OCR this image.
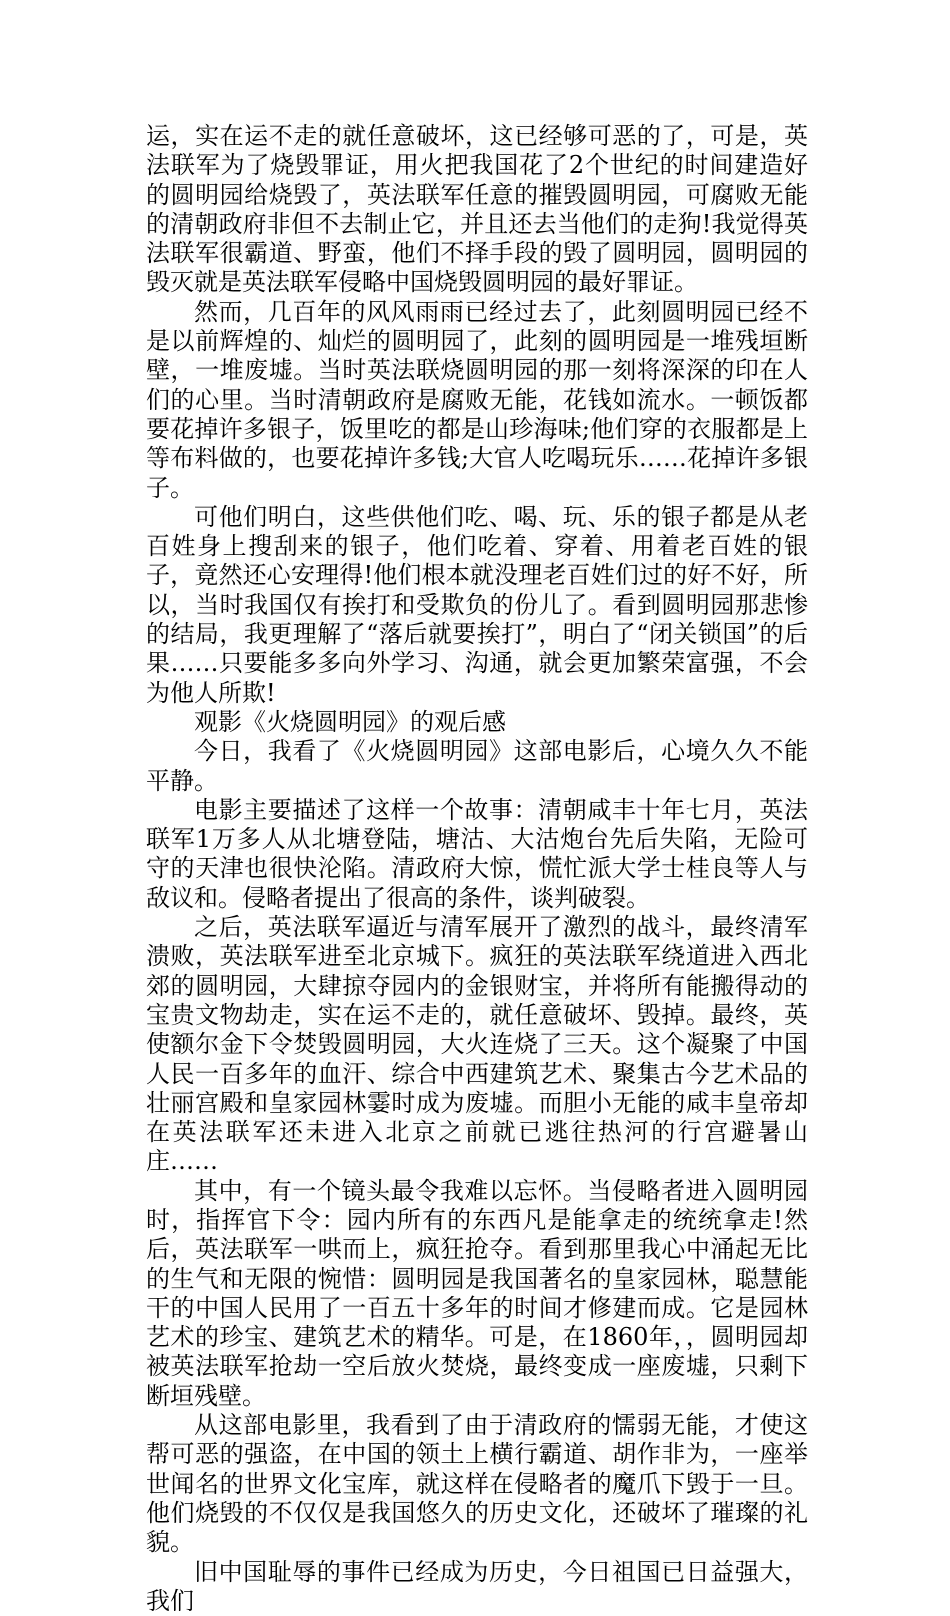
运，实在运不走的就任意破坏，这已经够可恶的了，可是，英法联军为了烧毁罪证，用火把我国花了2个世纪的时间建造好的圆明园给烧毁了，英法联军任意的摧毁圆明园，可腐败无能的清朝政府非但不去制止它，并且还去当他们的走狗!我觉得英法联军很霸道、野蛮，他们不择手段的毁了圆明园，圆明园的毁灭就是英法联军侵略中国烧毁圆明园的最好罪证。

然而，几百年的风风雨雨已经过去了，此刻圆明园已经不是以前辉煌的、灿烂的圆明园了，此刻的圆明园是一堆残垣断壁，一堆废墟。当时英法联烧圆明园的那一刻将深深的印在人们的心里。当时清朝政府是腐败无能，花钱如流水。一顿饭都要花掉许多银子，饭里吃的都是山珍海味;他们穿的衣服都是上等布料做的，也要花掉许多钱;大官人吃喝玩乐……花掉许多银子。

可他们明白，这些供他们吃、喝、玩、乐的银子都是从老百姓身上搜刮来的银子，他们吃着、穿着、用着老百姓的银子，竟然还心安理得!他们根本就没理老百姓们过的好不好，所以，当时我国仅有挨打和受欺负的份儿了。看到圆明园那悲惨的结局，我更理解了“落后就要挨打”，明白了“闭关锁国”的后果……只要能多多向外学习、沟通，就会更加繁荣富强，不会为他人所欺!

观影《火烧圆明园》的观后感

今日，我看了《火烧圆明园》这部电影后，心境久久不能平静。

电影主要描述了这样一个故事：清朝咸丰十年七月，英法联军1万多人从北塘登陆，塘沽、大沽炮台先后失陷，无险可守的天津也很快沦陷。清政府大惊，慌忙派大学士桂良等人与敌议和。侵略者提出了很高的条件，谈判破裂。

之后，英法联军逼近与清军展开了激烈的战斗，最终清军溃败，英法联军进至北京城下。疯狂的英法联军绕道进入西北郊的圆明园，大肆掠夺园内的金银财宝，并将所有能搬得动的宝贵文物劫走，实在运不走的，就任意破坏、毁掉。最终，英使额尔金下令焚毁圆明园，大火连烧了三天。这个凝聚了中国人民一百多年的血汗、综合中西建筑艺术、聚集古今艺术品的壮丽宫殿和皇家园林霎时成为废墟。而胆小无能的咸丰皇帝却在英法联军还未进入北京之前就已逃往热河的行宫避暑山庄……

其中，有一个镜头最令我难以忘怀。当侵略者进入圆明园时，指挥官下令：园内所有的东西凡是能拿走的统统拿走!然后，英法联军一哄而上，疯狂抢夺。看到那里我心中涌起无比的生气和无限的惋惜：圆明园是我国著名的皇家园林，聪慧能干的中国人民用了一百五十多年的时间才修建而成。它是园林艺术的珍宝、建筑艺术的精华。可是，在1860年，，圆明园却被英法联军抢劫一空后放火焚烧，最终变成一座废墟，只剩下断垣残壁。

从这部电影里，我看到了由于清政府的懦弱无能，才使这帮可恶的强盗，在中国的领土上横行霸道、胡作非为，一座举世闻名的世界文化宝库，就这样在侵略者的魔爪下毁于一旦。他们烧毁的不仅仅是我国悠久的历史文化，还破坏了璀璨的礼貌。

旧中国耻辱的事件已经成为历史，今日祖国已日益强大，我们
